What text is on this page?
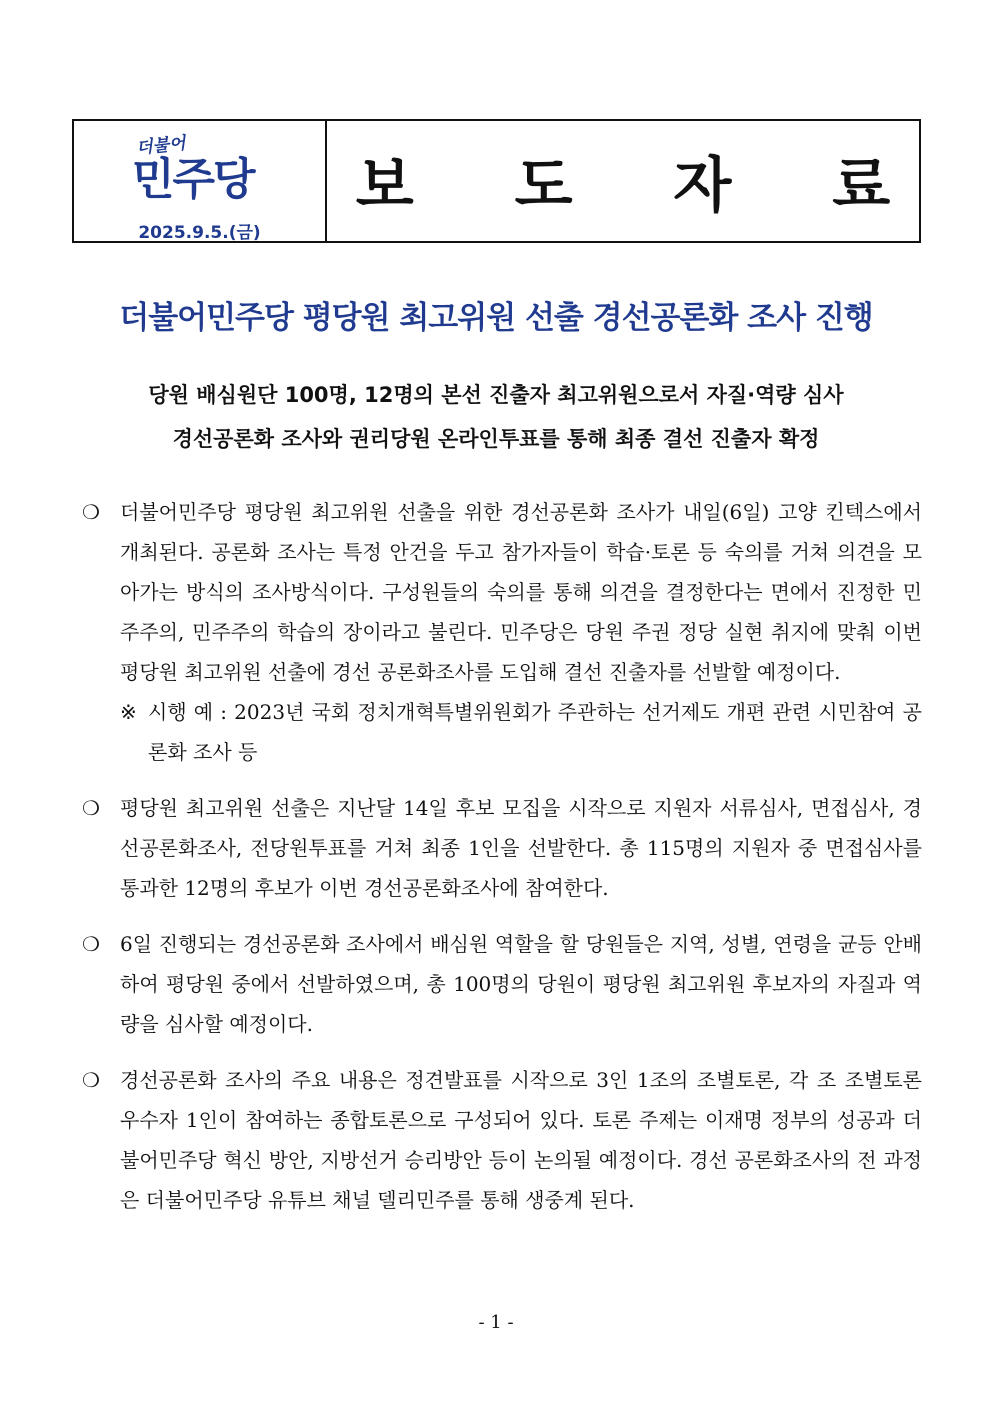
더불어
민주당
2025.9.5.(금)
보 도 자 료
더불어민주당 평당원 최고위원 선출 경선공론화 조사 진행
당원 배심원단 100명, 12명의 본선 진출자 최고위원으로서 자질·역량 심사
경선공론화 조사와 권리당원 온라인투표를 통해 최종 결선 진출자 확정
❍ 더불어민주당 평당원 최고위원 선출을 위한 경선공론화 조사가 내일(6일) 고양 킨텍스에서 개최된다. 공론화 조사는 특정 안건을 두고 참가자들이 학습·토론 등 숙의를 거쳐 의견을 모아가는 방식의 조사방식이다. 구성원들의 숙의를 통해 의견을 결정한다는 면에서 진정한 민주주의, 민주주의 학습의 장이라고 불린다. 민주당은 당원 주권 정당 실현 취지에 맞춰 이번 평당원 최고위원 선출에 경선 공론화조사를 도입해 결선 진출자를 선발할 예정이다.
※ 시행 예 : 2023년 국회 정치개혁특별위원회가 주관하는 선거제도 개편 관련 시민참여 공론화 조사 등
❍ 평당원 최고위원 선출은 지난달 14일 후보 모집을 시작으로 지원자 서류심사, 면접심사, 경선공론화조사, 전당원투표를 거쳐 최종 1인을 선발한다. 총 115명의 지원자 중 면접심사를 통과한 12명의 후보가 이번 경선공론화조사에 참여한다.
❍ 6일 진행되는 경선공론화 조사에서 배심원 역할을 할 당원들은 지역, 성별, 연령을 균등 안배하여 평당원 중에서 선발하였으며, 총 100명의 당원이 평당원 최고위원 후보자의 자질과 역량을 심사할 예정이다.
❍ 경선공론화 조사의 주요 내용은 정견발표를 시작으로 3인 1조의 조별토론, 각 조 조별토론 우수자 1인이 참여하는 종합토론으로 구성되어 있다. 토론 주제는 이재명 정부의 성공과 더불어민주당 혁신 방안, 지방선거 승리방안 등이 논의될 예정이다. 경선 공론화조사의 전 과정은 더불어민주당 유튜브 채널 델리민주를 통해 생중계 된다.
- 1 -
